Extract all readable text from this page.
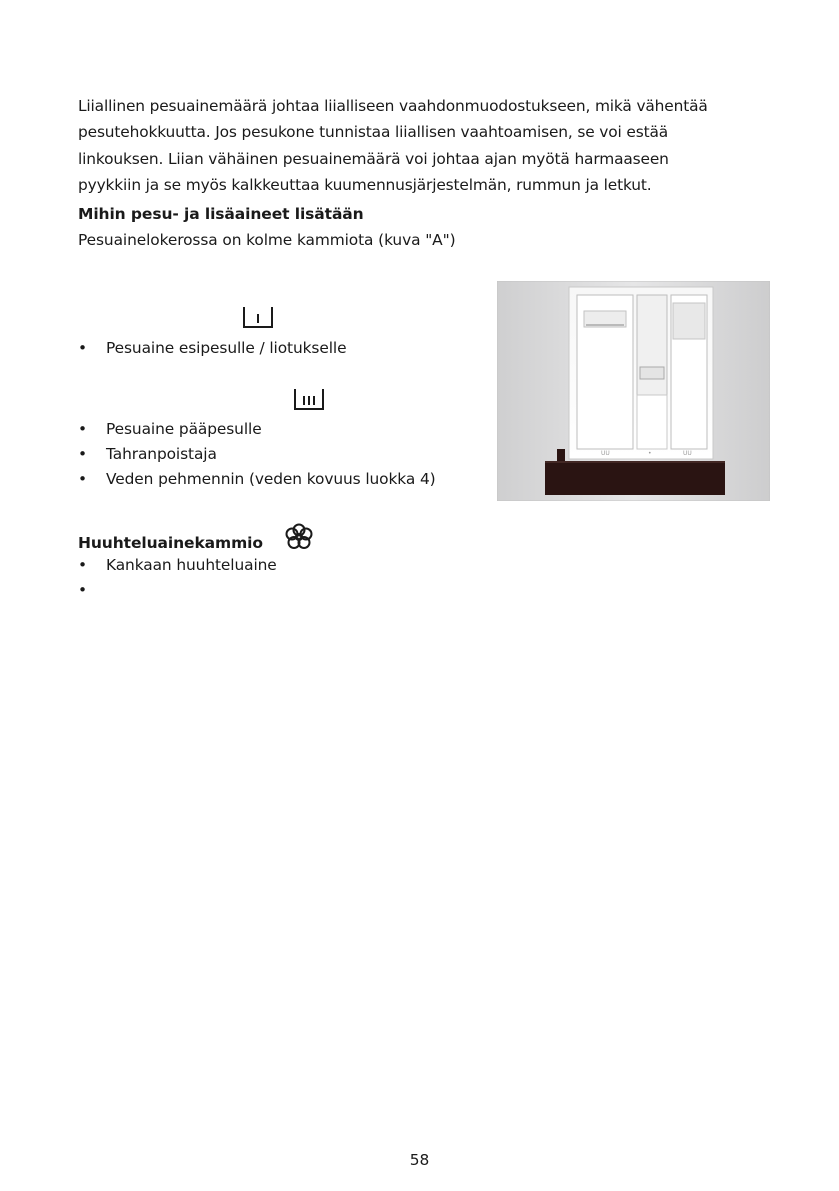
Liiallinen pesuainemäärä johtaa liialliseen vaahdonmuodostukseen, mikä vähentää
pesutehokkuutta. Jos pesukone tunnistaa liiallisen vaahtoamisen, se voi estää
linkouksen. Liian vähäinen pesuainemäärä voi johtaa ajan myötä harmaaseen
pyykkiin ja se myös kalkkeuttaa kuumennusjärjestelmän, rummun ja letkut.
Mihin pesu- ja lisäaineet lisätään
Pesuainelokerossa on kolme kammiota (kuva "A")
• Pesuaine esipesulle / liotukselle
• Pesuaine pääpesulle
• Tahranpoistaja
• Veden pehmennin (veden kovuus luokka 4)
Huuhteluainekammio
• Kankaan huuhteluaine
•
UU	•	UU
58
